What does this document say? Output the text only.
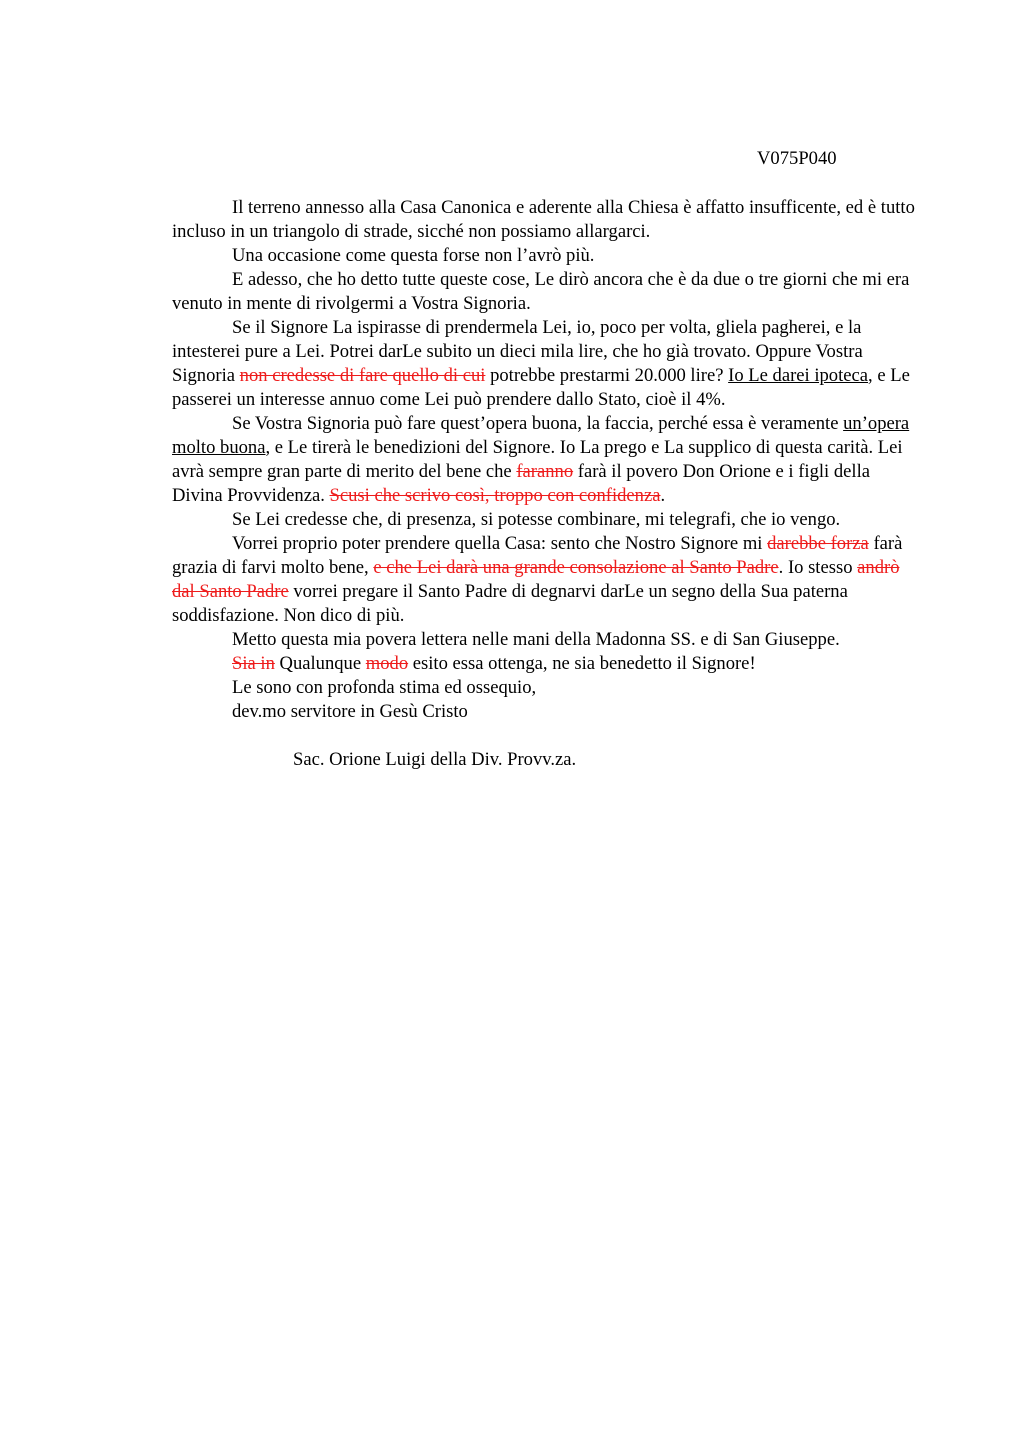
V075P040

Il terreno annesso alla Casa Canonica e aderente alla Chiesa è affatto insufficente, ed è tutto incluso in un triangolo di strade, sicché non possiamo allargarci.

Una occasione come questa forse non l’avrò più.

E adesso, che ho detto tutte queste cose, Le dirò ancora che è da due o tre giorni che mi era venuto in mente di rivolgermi a Vostra Signoria.

Se il Signore La ispirasse di prendermela Lei, io, poco per volta, gliela pagherei, e la intesterei pure a Lei. Potrei darLe subito un dieci mila lire, che ho già trovato. Oppure Vostra Signoria non credesse di fare quello di cui potrebbe prestarmi 20.000 lire? Io Le darei ipoteca, e Le passerei un interesse annuo come Lei può prendere dallo Stato, cioè il 4%.

Se Vostra Signoria può fare quest’opera buona, la faccia, perché essa è veramente un’opera molto buona, e Le tirerà le benedizioni del Signore. Io La prego e La supplico di questa carità. Lei avrà sempre gran parte di merito del bene che faranno farà il povero Don Orione e i figli della Divina Provvidenza. Scusi che scrivo così, troppo con confidenza.

Se Lei credesse che, di presenza, si potesse combinare, mi telegrafi, che io vengo.

Vorrei proprio poter prendere quella Casa: sento che Nostro Signore mi darebbe forza farà grazia di farvi molto bene, e che Lei darà una grande consolazione al Santo Padre. Io stesso andrò dal Santo Padre vorrei pregare il Santo Padre di degnarvi darLe un segno della Sua paterna soddisfazione. Non dico di più.

Metto questa mia povera lettera nelle mani della Madonna SS. e di San Giuseppe.

Sia in Qualunque modo esito essa ottenga, ne sia benedetto il Signore!

Le sono con profonda stima ed ossequio,
dev.mo servitore in Gesù Cristo
Sac. Orione Luigi della Div. Provv.za.
